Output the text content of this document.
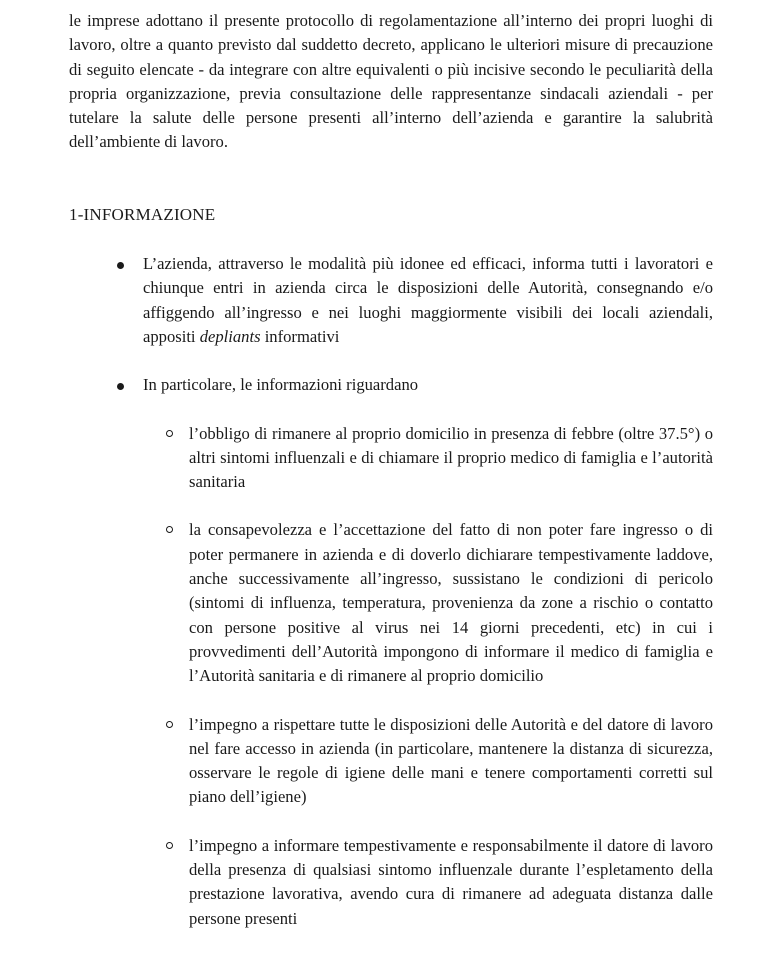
le imprese adottano il presente protocollo di regolamentazione all’interno dei propri luoghi di lavoro, oltre a quanto previsto dal suddetto decreto, applicano le ulteriori misure di precauzione di seguito elencate - da integrare con altre equivalenti o più incisive secondo le peculiarità della propria organizzazione, previa consultazione delle rappresentanze sindacali aziendali - per tutelare la salute delle persone presenti all’interno dell’azienda e garantire la salubrità dell’ambiente di lavoro.

1-INFORMAZIONE

L’azienda, attraverso le modalità più idonee ed efficaci, informa tutti i lavoratori e chiunque entri in azienda circa le disposizioni delle Autorità, consegnando e/o affiggendo all’ingresso e nei luoghi maggiormente visibili dei locali aziendali, appositi depliants informativi
In particolare, le informazioni riguardano
l’obbligo di rimanere al proprio domicilio in presenza di febbre (oltre 37.5°) o altri sintomi influenzali e di chiamare il proprio medico di famiglia e l’autorità sanitaria
la consapevolezza e l’accettazione del fatto di non poter fare ingresso o di poter permanere in azienda e di doverlo dichiarare tempestivamente laddove, anche successivamente all’ingresso, sussistano le condizioni di pericolo (sintomi di influenza, temperatura, provenienza da zone a rischio o contatto con persone positive al virus nei 14 giorni precedenti, etc) in cui i provvedimenti dell’Autorità impongono di informare il medico di famiglia e l’Autorità sanitaria e di rimanere al proprio domicilio
l’impegno a rispettare tutte le disposizioni delle Autorità e del datore di lavoro nel fare accesso in azienda (in particolare, mantenere la distanza di sicurezza, osservare le regole di igiene delle mani e tenere comportamenti corretti sul piano dell’igiene)
l’impegno a informare tempestivamente e responsabilmente il datore di lavoro della presenza di qualsiasi sintomo influenzale durante l’espletamento della prestazione lavorativa, avendo cura di rimanere ad adeguata distanza dalle persone presenti
